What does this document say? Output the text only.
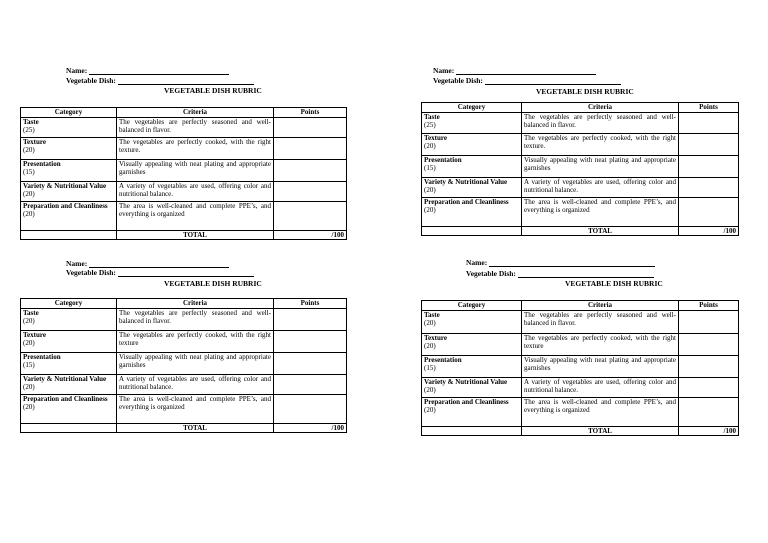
Name:
Vegetable Dish:
VEGETABLE DISH RUBRIC
Category	Criteria	Points

Taste
(25)	The vegetables are perfectly seasoned and well-balanced in flavor.	

Texture
(20)	The vegetables are perfectly cooked, with the right texture.	

Presentation
(15)	Visually appealing with neat plating and appropriate garnishes	

Variety & Nutritional Value
(20)	A variety of vegetables are used, offering color and nutritional balance.	

Preparation and Cleanliness
(20)	The area is well-cleaned and complete PPE’s, and everything is organized	
	TOTAL	/100
Name:
Vegetable Dish:
VEGETABLE DISH RUBRIC
Category	Criteria	Points

Taste
(25)	The vegetables are perfectly seasoned and well-balanced in flavor.	

Texture
(20)	The vegetables are perfectly cooked, with the right texture.	

Presentation
(15)	Visually appealing with neat plating and appropriate garnishes	

Variety & Nutritional Value
(20)	A variety of vegetables are used, offering color and nutritional balance.	

Preparation and Cleanliness
(20)	The area is well-cleaned and complete PPE’s, and everything is organized	
	TOTAL	/100
Name:
Vegetable Dish:
VEGETABLE DISH RUBRIC
Category	Criteria	Points

Taste
(20)	The vegetables are perfectly seasoned and well-balanced in flavor.	

Texture
(20)	The vegetables are perfectly cooked, with the right texture	

Presentation
(15)	Visually appealing with neat plating and appropriate garnishes	

Variety & Nutritional Value
(20)	A variety of vegetables are used, offering color and nutritional balance.	

Preparation and Cleanliness
(20)	The area is well-cleaned and complete PPE’s, and everything is organized	
	TOTAL	/100
Name:
Vegetable Dish:
VEGETABLE DISH RUBRIC
Category	Criteria	Points

Taste
(20)	The vegetables are perfectly seasoned and well-balanced in flavor.	

Texture
(20)	The vegetables are perfectly cooked, with the right texture	

Presentation
(15)	Visually appealing with neat plating and appropriate garnishes	

Variety & Nutritional Value
(20)	A variety of vegetables are used, offering color and nutritional balance.	

Preparation and Cleanliness
(20)	The area is well-cleaned and complete PPE’s, and everything is organized	
	TOTAL	/100
